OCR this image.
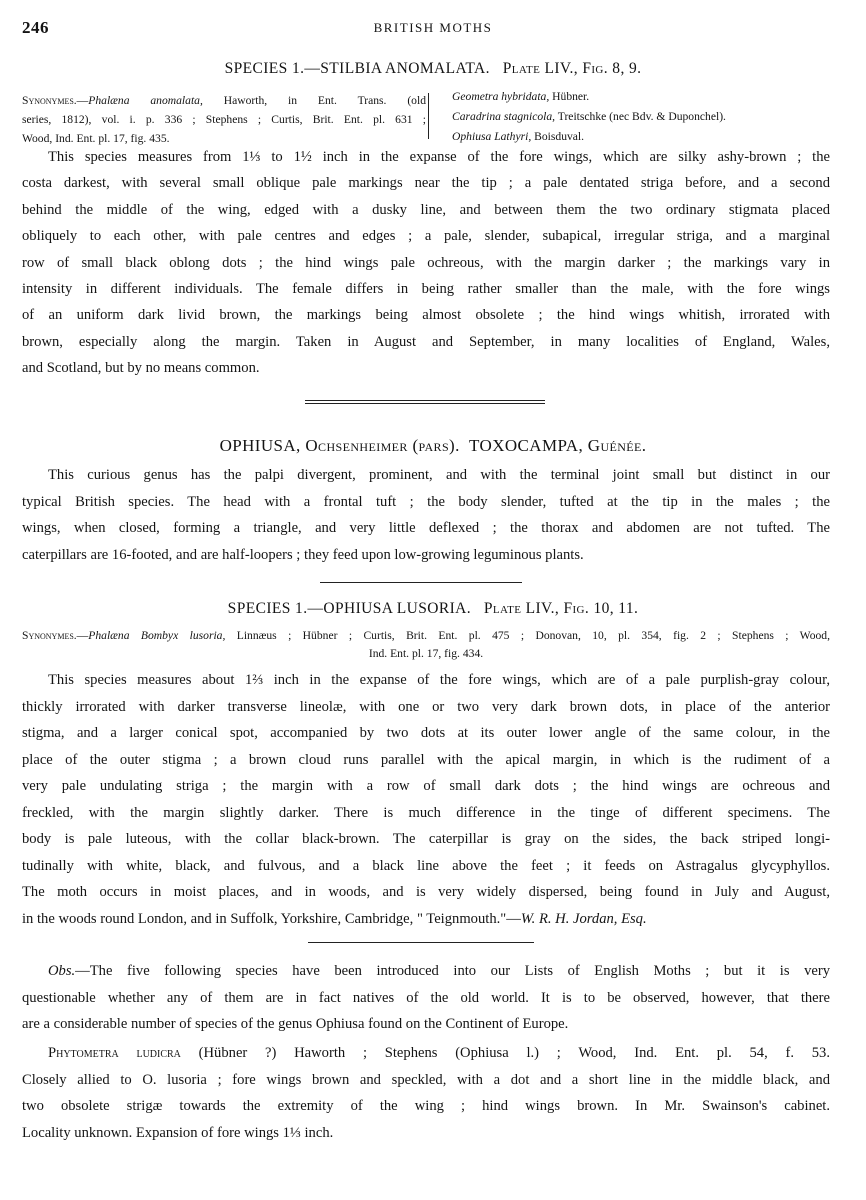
246	BRITISH MOTHS
SPECIES 1.—STILBIA ANOMALATA. Plate LIV., Fig. 8, 9.
Synonymes.—Phalæna anomalata, Haworth, in Ent. Trans. (old
series, 1812), vol. i. p. 336 ; Stephens ; Curtis, Brit. Ent. pl. 631 ;
Wood, Ind. Ent. pl. 17, fig. 435.
Geometra hybridata, Hübner.
Caradrina stagnicola, Treitschke (nec Bdv. & Duponchel).
Ophiusa Lathyri, Boisduval.
This species measures from 1⅓ to 1½ inch in the expanse of the fore wings, which are silky ashy-brown ; the
costa darkest, with several small oblique pale markings near the tip ; a pale dentated striga before, and a second
behind the middle of the wing, edged with a dusky line, and between them the two ordinary stigmata placed
obliquely to each other, with pale centres and edges ; a pale, slender, subapical, irregular striga, and a marginal
row of small black oblong dots ; the hind wings pale ochreous, with the margin darker ; the markings vary in
intensity in different individuals. The female differs in being rather smaller than the male, with the fore wings
of an uniform dark livid brown, the markings being almost obsolete ; the hind wings whitish, irrorated with
brown, especially along the margin. Taken in August and September, in many localities of England, Wales,
and Scotland, but by no means common.
OPHIUSA, Ochsenheimer (pars). TOXOCAMPA, Guénée.
This curious genus has the palpi divergent, prominent, and with the terminal joint small but distinct in our
typical British species. The head with a frontal tuft ; the body slender, tufted at the tip in the males ; the
wings, when closed, forming a triangle, and very little deflexed ; the thorax and abdomen are not tufted. The
caterpillars are 16-footed, and are half-loopers ; they feed upon low-growing leguminous plants.
SPECIES 1.—OPHIUSA LUSORIA. Plate LIV., Fig. 10, 11.
Synonymes.—Phalæna Bombyx lusoria, Linnæus ; Hübner ; Curtis, Brit. Ent. pl. 475 ; Donovan, 10, pl. 354, fig. 2 ; Stephens ; Wood,
Ind. Ent. pl. 17, fig. 434.
This species measures about 1⅔ inch in the expanse of the fore wings, which are of a pale purplish-gray colour,
thickly irrorated with darker transverse lineolæ, with one or two very dark brown dots, in place of the anterior
stigma, and a larger conical spot, accompanied by two dots at its outer lower angle of the same colour, in the
place of the outer stigma ; a brown cloud runs parallel with the apical margin, in which is the rudiment of a
very pale undulating striga ; the margin with a row of small dark dots ; the hind wings are ochreous and
freckled, with the margin slightly darker. There is much difference in the tinge of different specimens. The
body is pale luteous, with the collar black-brown. The caterpillar is gray on the sides, the back striped longi-
tudinally with white, black, and fulvous, and a black line above the feet ; it feeds on Astragalus glycyphyllos.
The moth occurs in moist places, and in woods, and is very widely dispersed, being found in July and August,
in the woods round London, and in Suffolk, Yorkshire, Cambridge, " Teignmouth."—W. R. H. Jordan, Esq.
Obs.—The five following species have been introduced into our Lists of English Moths ; but it is very
questionable whether any of them are in fact natives of the old world. It is to be observed, however, that there
are a considerable number of species of the genus Ophiusa found on the Continent of Europe.
Phytometra ludicra (Hübner ?) Haworth ; Stephens (Ophiusa l.) ; Wood, Ind. Ent. pl. 54, f. 53.
Closely allied to O. lusoria ; fore wings brown and speckled, with a dot and a short line in the middle black, and
two obsolete strigæ towards the extremity of the wing ; hind wings brown. In Mr. Swainson's cabinet.
Locality unknown. Expansion of fore wings 1⅓ inch.
